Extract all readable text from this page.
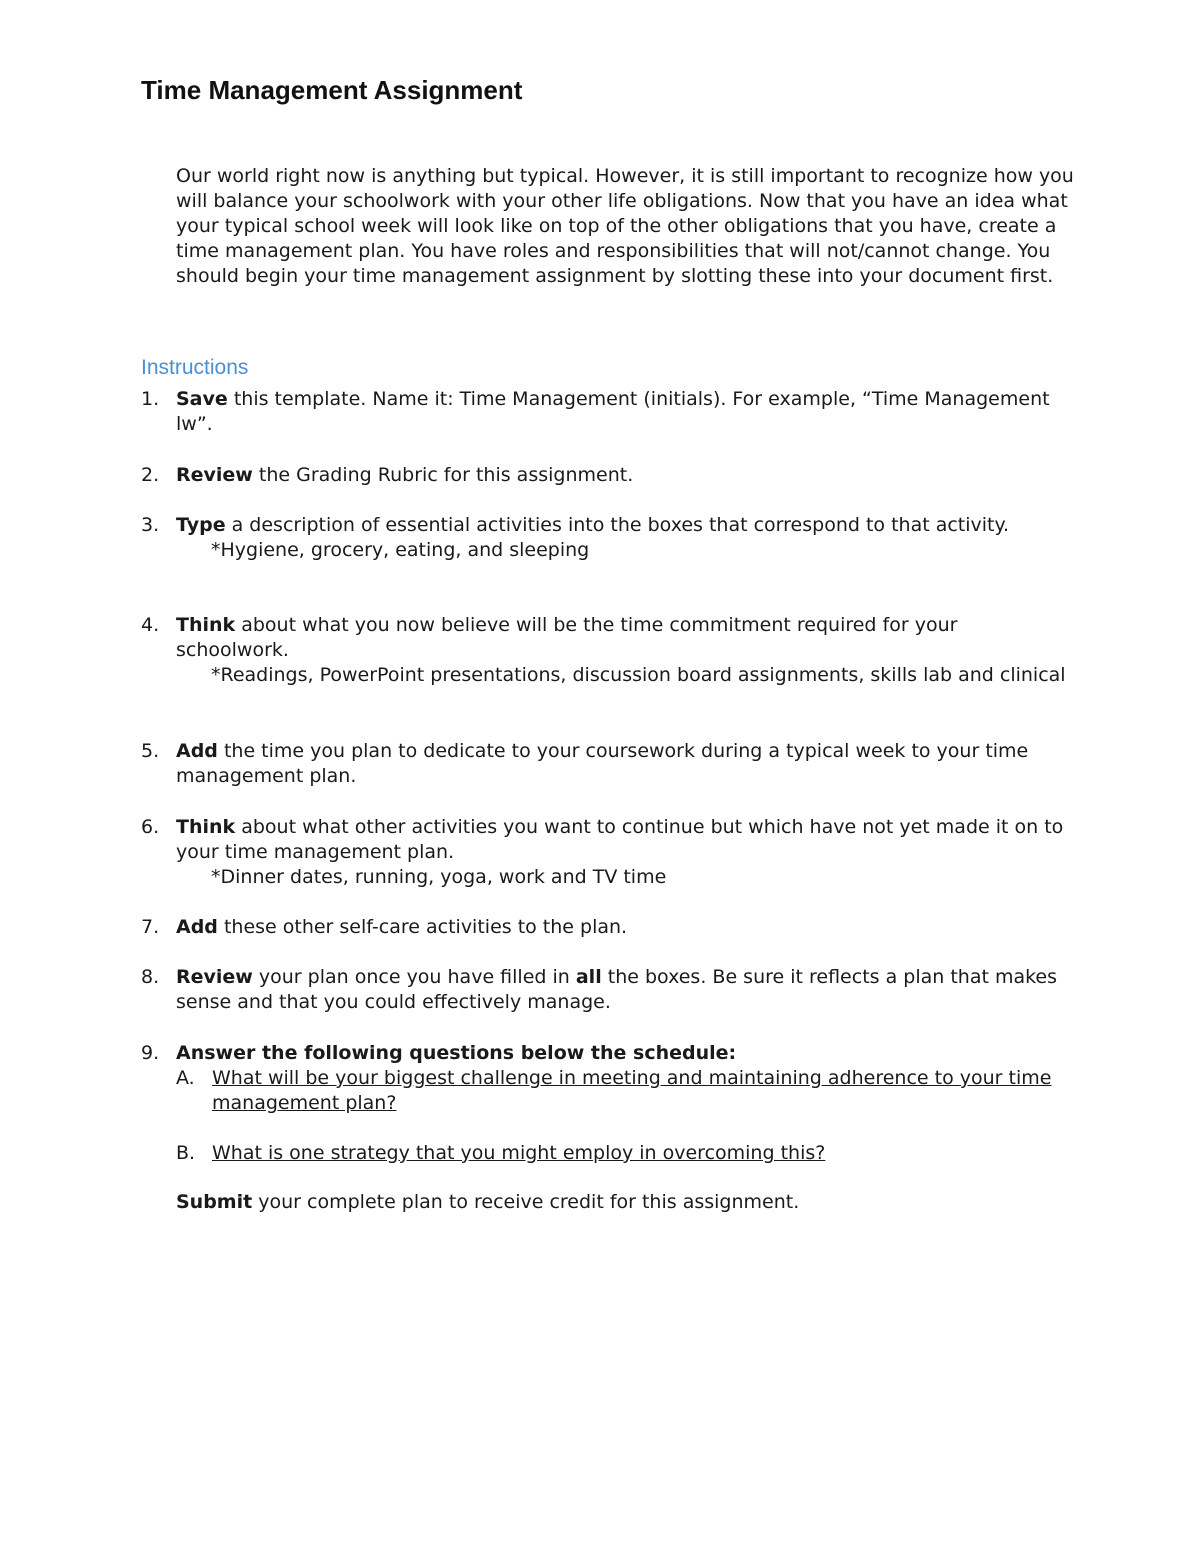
Time Management Assignment

Our world right now is anything but typical. However, it is still important to recognize how you will balance your schoolwork with your other life obligations. Now that you have an idea what your typical school week will look like on top of the other obligations that you have, create a time management plan. You have roles and responsibilities that will not/cannot change. You should begin your time management assignment by slotting these into your document first.

Instructions
1. Save this template. Name it: Time Management (initials). For example, “Time Management lw”.
2. Review the Grading Rubric for this assignment.
3. Type a description of essential activities into the boxes that correspond to that activity.
*Hygiene, grocery, eating, and sleeping
4. Think about what you now believe will be the time commitment required for your schoolwork.
*Readings, PowerPoint presentations, discussion board assignments, skills lab and clinical
5. Add the time you plan to dedicate to your coursework during a typical week to your time management plan.
6. Think about what other activities you want to continue but which have not yet made it on to your time management plan.
*Dinner dates, running, yoga, work and TV time
7. Add these other self-care activities to the plan.
8. Review your plan once you have filled in all the boxes. Be sure it reflects a plan that makes sense and that you could effectively manage.
9. Answer the following questions below the schedule:
A. What will be your biggest challenge in meeting and maintaining adherence to your time management plan?
B. What is one strategy that you might employ in overcoming this?
Submit your complete plan to receive credit for this assignment.
